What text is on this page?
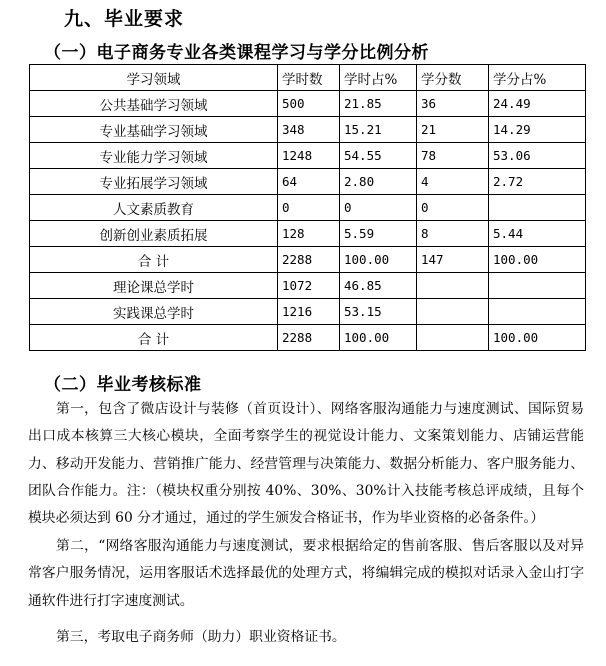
九、毕业要求
（一）电子商务专业各类课程学习与学分比例分析
学习领域	学时数	学时占%	学分数	学分占%
公共基础学习领域	500	21.85	36	24.49
专业基础学习领域	348	15.21	21	14.29
专业能力学习领域	1248	54.55	78	53.06
专业拓展学习领域	64	2.80	4	2.72
人文素质教育	0	0	0	
创新创业素质拓展	128	5.59	8	5.44
合 计	2288	100.00	147	100.00
理论课总学时	1072	46.85		
实践课总学时	1216	53.15		
合 计	2288	100.00		100.00
（二）毕业考核标准

第一，包含了微店设计与装修（首页设计）、网络客服沟通能力与速度测试、国际贸易出口成本核算三大核心模块，全面考察学生的视觉设计能力、文案策划能力、店铺运营能力、移动开发能力、营销推广能力、经营管理与决策能力、数据分析能力、客户服务能力、团队合作能力。注：（模块权重分别按 40%、30%、30%计入技能考核总评成绩，且每个模块必须达到 60 分才通过，通过的学生颁发合格证书，作为毕业资格的必备条件。）

第二，“网络客服沟通能力与速度测试，要求根据给定的售前客服、售后客服以及对异常客户服务情况，运用客服话术选择最优的处理方式，将编辑完成的模拟对话录入金山打字通软件进行打字速度测试。

第三，考取电子商务师（助力）职业资格证书。
